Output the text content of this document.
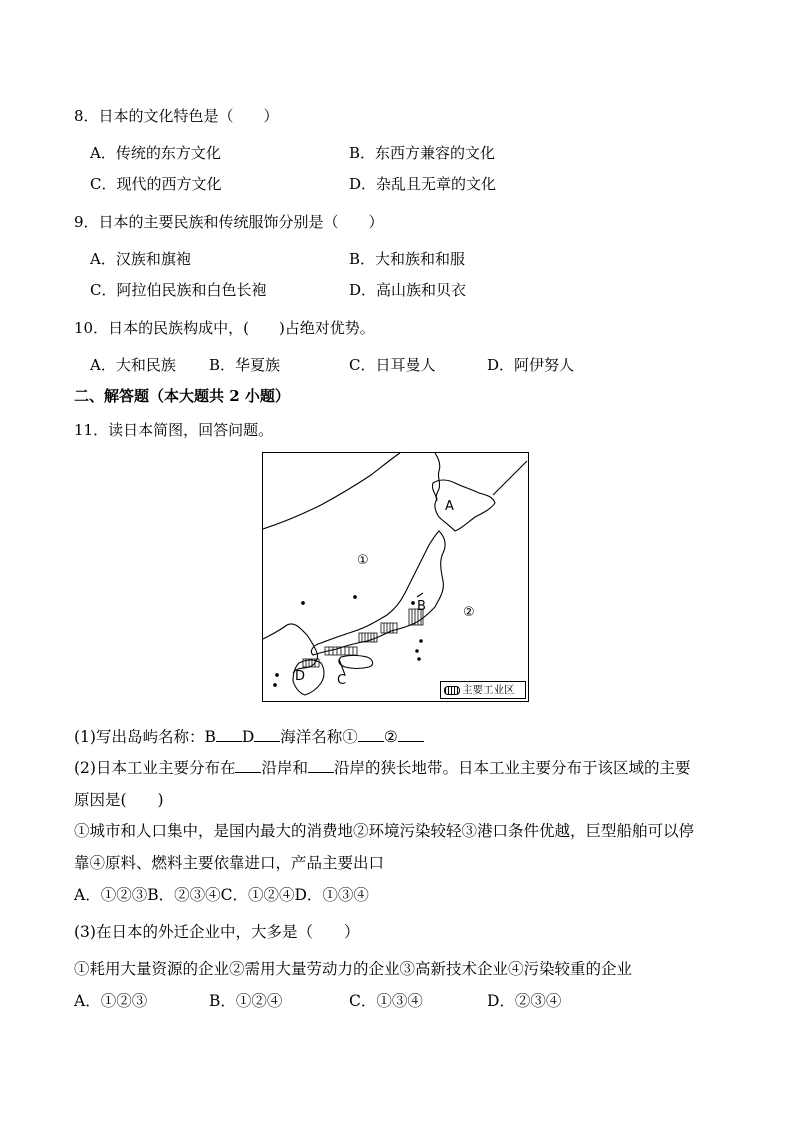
8．日本的文化特色是（　　）
A．传统的东方文化	B．东西方兼容的文化
C．现代的西方文化	D．杂乱且无章的文化
9．日本的主要民族和传统服饰分别是（　　）
A．汉族和旗袍	B．大和族和和服
C．阿拉伯民族和白色长袍	D．高山族和贝衣
10．日本的民族构成中，(　　)占绝对优势。
A．大和民族 B．华夏族	C．日耳曼人	D．阿伊努人
二、解答题（本大题共 2 小题）
11．读日本简图，回答问题。
A
B
C
D
①
②
主要工业区
(1)写出岛屿名称：B D 海洋名称① ②
(2)日本工业主要分布在 沿岸和 沿岸的狭长地带。日本工业主要分布于该区域的主要
原因是(　　)
①城市和人口集中，是国内最大的消费地②环境污染较轻③港口条件优越，巨型船舶可以停
靠④原料、燃料主要依靠进口，产品主要出口
A．①②③B．②③④C．①②④D．①③④
(3)在日本的外迁企业中，大多是（　　）
①耗用大量资源的企业②需用大量劳动力的企业③高新技术企业④污染较重的企业
A．①②③	B．①②④	C．①③④	D．②③④
